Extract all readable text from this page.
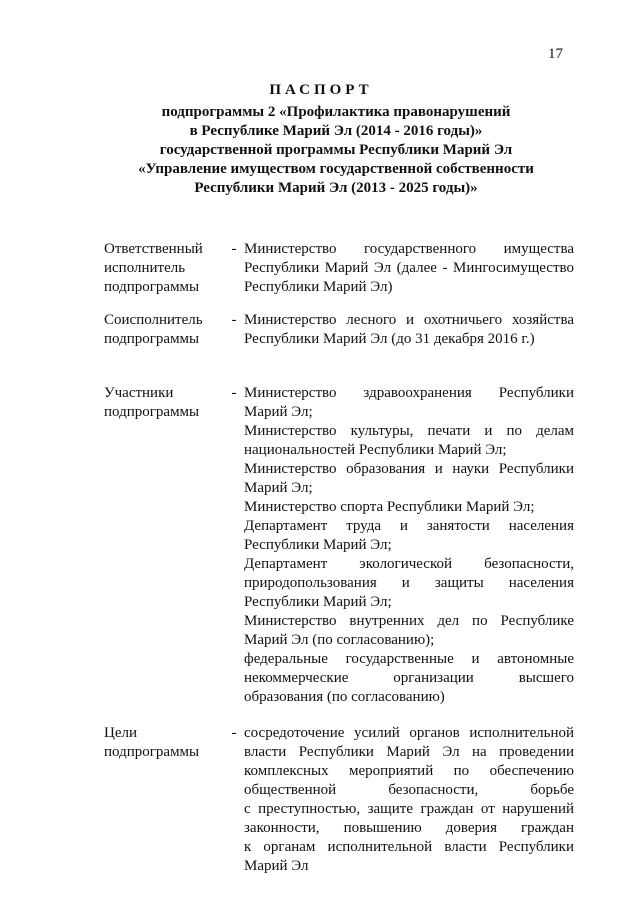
17
ПАСПОРТ
подпрограммы 2 «Профилактика правонарушений
в Республике Марий Эл (2014 - 2016 годы)»
государственной программы Республики Марий Эл
«Управление имуществом государственной собственности
Республики Марий Эл (2013 - 2025 годы)»
Ответственный
исполнитель
подпрограммы
- Министерство государственного имущества
Республики Марий Эл (далее - Мингосимущество
Республики Марий Эл)
Соисполнитель
подпрограммы
- Министерство лесного и охотничьего хозяйства
Республики Марий Эл (до 31 декабря 2016 г.)
Участники
подпрограммы
- Министерство здравоохранения Республики
Марий Эл;
Министерство культуры, печати и по делам
национальностей Республики Марий Эл;
Министерство образования и науки Республики
Марий Эл;
Министерство спорта Республики Марий Эл;
Департамент труда и занятости населения
Республики Марий Эл;
Департамент экологической безопасности,
природопользования и защиты населения
Республики Марий Эл;
Министерство внутренних дел по Республике
Марий Эл (по согласованию);
федеральные государственные и автономные
некоммерческие организации высшего
образования (по согласованию)
Цели
подпрограммы
- сосредоточение усилий органов исполнительной
власти Республики Марий Эл на проведении
комплексных мероприятий по обеспечению
общественной безопасности, борьбе
с преступностью, защите граждан от нарушений
законности, повышению доверия граждан
к органам исполнительной власти Республики
Марий Эл
